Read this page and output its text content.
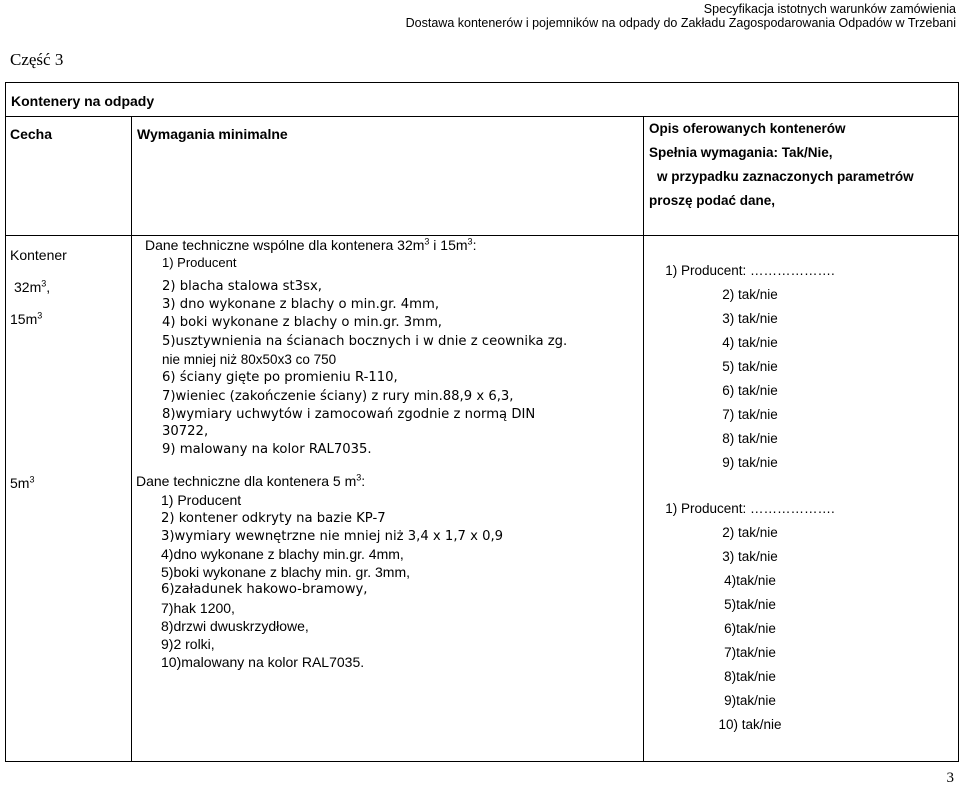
Specyfikacja istotnych warunków zamówienia
Dostawa kontenerów i pojemników na odpady do Zakładu Zagospodarowania Odpadów w Trzebani
Część 3
Kontenery na odpady
Cecha	Wymagania minimalne	Opis oferowanych kontenerów
Spełnia wymagania: Tak/Nie,
w przypadku zaznaczonych parametrów
proszę podać dane,
Kontener
$32m^3$,
$15m^3$
$5m^3$
Dane techniczne wspólne dla kontenera $32m^3$ i $15m^3$:
1) Producent
2) blacha stalowa st3sx,
3) dno wykonane z blachy o min.gr. 4mm,
4) boki wykonane z blachy o min.gr. 3mm,
5)usztywnienia na ścianach bocznych i w dnie z ceownika zg.
nie mniej niż 80x50x3 co 750
6) ściany gięte po promieniu R-110,
7)wieniec (zakończenie ściany) z rury min.88,9 x 6,3,
8)wymiary uchwytów i zamocowań zgodnie z normą DIN
30722,
9) malowany na kolor RAL7035.
Dane techniczne dla kontenera 5 $m^3$:
1) Producent
2) kontener odkryty na bazie KP-7
3)wymiary wewnętrzne nie mniej niż 3,4 x 1,7 x 0,9
4)dno wykonane z blachy min.gr. 4mm,
5)boki wykonane z blachy min. gr. 3mm,
6)załadunek hakowo-bramowy,
7)hak 1200,
8)drzwi dwuskrzydłowe,
9)2 rolki,
10)malowany na kolor RAL7035.
1) Producent: ……………….
2) tak/nie
3) tak/nie
4) tak/nie
5) tak/nie
6) tak/nie
7) tak/nie
8) tak/nie
9) tak/nie
1) Producent: ……………….
2) tak/nie
3) tak/nie
4)tak/nie
5)tak/nie
6)tak/nie
7)tak/nie
8)tak/nie
9)tak/nie
10) tak/nie
3
